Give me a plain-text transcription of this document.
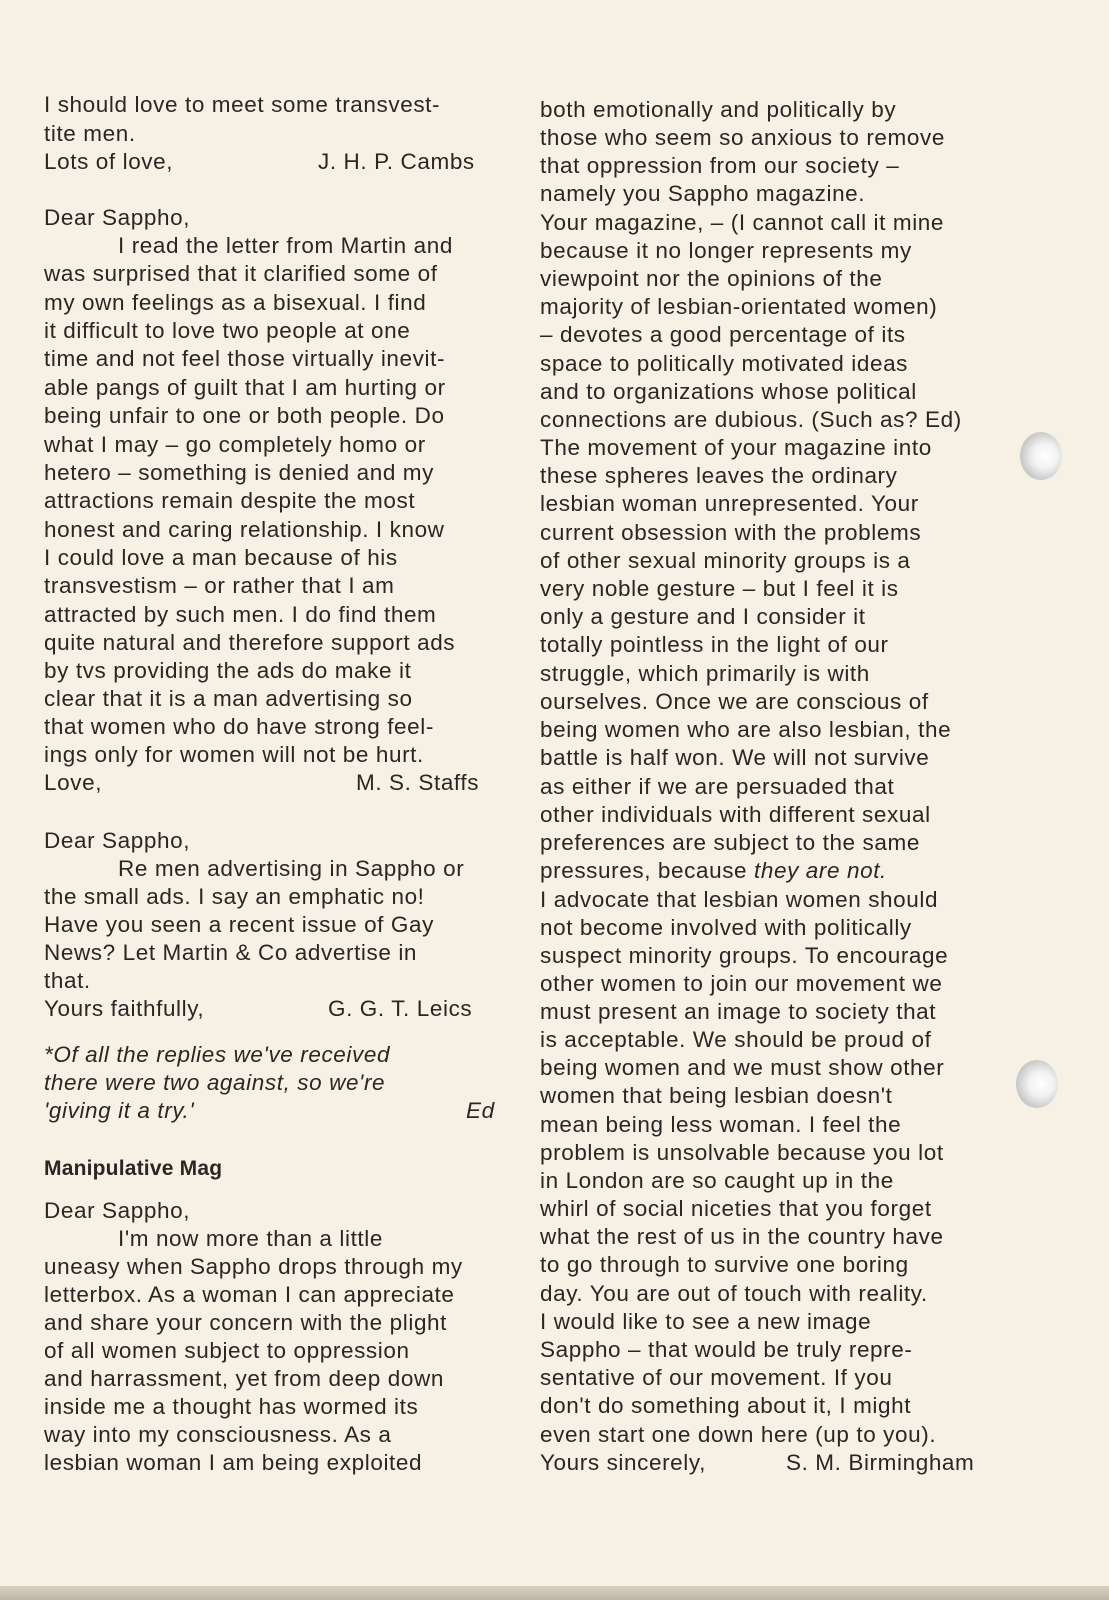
I should love to meet some transvest-
tite men.
Lots of love,	J. H. P. Cambs
Dear Sappho,
I read the letter from Martin and
was surprised that it clarified some of
my own feelings as a bisexual. I find
it difficult to love two people at one
time and not feel those virtually inevit-
able pangs of guilt that I am hurting or
being unfair to one or both people. Do
what I may – go completely homo or
hetero – something is denied and my
attractions remain despite the most
honest and caring relationship. I know
I could love a man because of his
transvestism – or rather that I am
attracted by such men. I do find them
quite natural and therefore support ads
by tvs providing the ads do make it
clear that it is a man advertising so
that women who do have strong feel-
ings only for women will not be hurt.
Love,	M. S. Staffs
Dear Sappho,
Re men advertising in Sappho or
the small ads. I say an emphatic no!
Have you seen a recent issue of Gay
News? Let Martin & Co advertise in
that.
Yours faithfully,	G. G. T. Leics
*Of all the replies we've received
there were two against, so we're
'giving it a try.'	Ed
Manipulative Mag
Dear Sappho,
I'm now more than a little
uneasy when Sappho drops through my
letterbox. As a woman I can appreciate
and share your concern with the plight
of all women subject to oppression
and harrassment, yet from deep down
inside me a thought has wormed its
way into my consciousness. As a
lesbian woman I am being exploited
both emotionally and politically by
those who seem so anxious to remove
that oppression from our society –
namely you Sappho magazine.
Your magazine, – (I cannot call it mine
because it no longer represents my
viewpoint nor the opinions of the
majority of lesbian-orientated women)
– devotes a good percentage of its
space to politically motivated ideas
and to organizations whose political
connections are dubious. (Such as? Ed)
The movement of your magazine into
these spheres leaves the ordinary
lesbian woman unrepresented. Your
current obsession with the problems
of other sexual minority groups is a
very noble gesture – but I feel it is
only a gesture and I consider it
totally pointless in the light of our
struggle, which primarily is with
ourselves. Once we are conscious of
being women who are also lesbian, the
battle is half won. We will not survive
as either if we are persuaded that
other individuals with different sexual
preferences are subject to the same
pressures, because they are not.
I advocate that lesbian women should
not become involved with politically
suspect minority groups. To encourage
other women to join our movement we
must present an image to society that
is acceptable. We should be proud of
being women and we must show other
women that being lesbian doesn't
mean being less woman. I feel the
problem is unsolvable because you lot
in London are so caught up in the
whirl of social niceties that you forget
what the rest of us in the country have
to go through to survive one boring
day. You are out of touch with reality.
I would like to see a new image
Sappho – that would be truly repre-
sentative of our movement. If you
don't do something about it, I might
even start one down here (up to you).
Yours sincerely,	S. M. Birmingham
